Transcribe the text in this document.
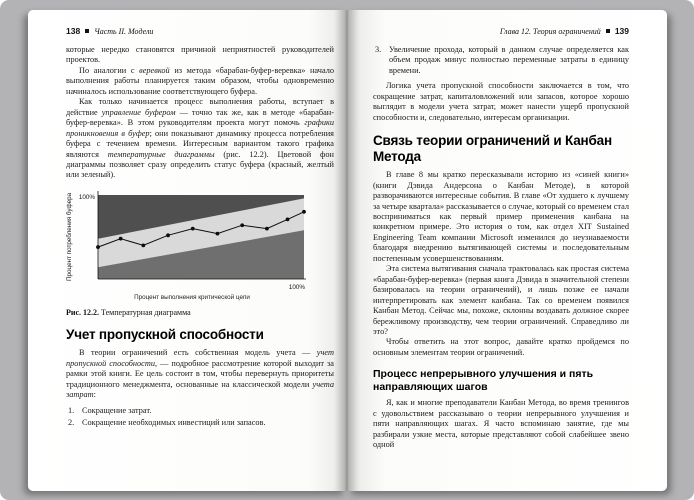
138 Часть II. Модели

которые нередко становятся причиной неприятностей руководителей проектов.

По аналогии с веревкой из метода «барабан-буфер-веревка» начало выполнения работы планируется таким образом, чтобы одновременно начиналось использование соответствующего буфера.

Как только начинается процесс выполнения работы, вступает в действие управление буфером — точно так же, как в методе «барабан-буфер-веревка». В этом руководителям проекта могут помочь графики проникновения в буфер; они показывают динамику процесса потребления буфера с течением времени. Интересным вариантом такого графика являются температурные диаграммы (рис. 12.2). Цветовой фон диаграммы позволяет сразу определить статус буфера (красный, желтый или зеленый).

Процент потребления буфера 100%
100%
Процент выполнения критической цепи
Рис. 12.2. Температурная диаграмма
Учет пропускной способности

В теории ограничений есть собственная модель учета — учет пропускной способности, — подробное рассмотрение которой выходит за рамки этой книги. Ее цель состоит в том, чтобы перевернуть приоритеты традиционного менеджмента, основанные на классической модели учета затрат:

1. Сокращение затрат.
2. Сокращение необходимых инвестиций или запасов.
Глава 12. Теория ограничений 139
3. Увеличение прохода, который в данном случае определяется как объем продаж минус полностью переменные затраты в единицу времени.

Логика учета пропускной способности заключается в том, что сокращение затрат, капиталовложений или запасов, которое хорошо выглядит в модели учета затрат, может нанести ущерб пропускной способности и, следовательно, интересам организации.

Связь теории ограничений и Канбан Метода

В главе 8 мы кратко пересказывали историю из «синей книги» (книги Дэвида Андерсона о Канбан Методе), в которой разворачиваются интересные события. В главе «От худшего к лучшему за четыре квартала» рассказывается о случае, который со временем стал восприниматься как первый пример применения канбана на конкретном примере. Это история о том, как отдел XIT Sustained Engineering Team компании Microsoft изменился до неузнаваемости благодаря внедрению вытягивающей системы и последовательным постепенным усовершенствованиям.

Эта система вытягивания сначала трактовалась как простая система «барабан-буфер-веревка» (первая книга Дэвида в значительной степени базировалась на теории ограничений), и лишь позже ее начали интерпретировать как элемент канбана. Так со временем появился Канбан Метод. Сейчас мы, похоже, склонны воздавать должное скорее бережливому производству, чем теории ограничений. Справедливо ли это?

Чтобы ответить на этот вопрос, давайте кратко пройдемся по основным элементам теории ограничений.

Процесс непрерывного улучшения и пять направляющих шагов

Я, как и многие преподаватели Канбан Метода, во время тренингов с удовольствием рассказываю о теории непрерывного улучшения и пяти направляющих шагах. Я часто вспоминаю занятие, где мы разбирали узкие места, которые представляют собой слабейшее звено одной
